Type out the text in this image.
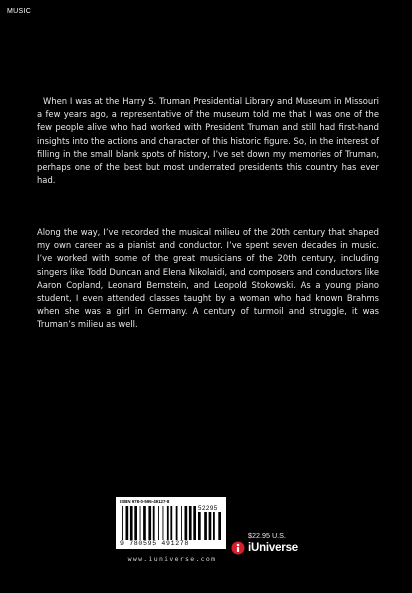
MUSIC

When I was at the Harry S. Truman Presidential Library and Museum in Missouri a few years ago, a representative of the museum told me that I was one of the few people alive who had worked with President Truman and still had first-hand insights into the actions and character of this historic figure. So, in the interest of filling in the small blank spots of history, I’ve set down my memories of Truman, perhaps one of the best but most underrated presidents this country has ever had.

Along the way, I’ve recorded the musical milieu of the 20th century that shaped my own career as a pianist and conductor. I’ve spent seven decades in music. I’ve worked with some of the great musicians of the 20th century, including singers like Todd Duncan and Elena Nikolaidi, and composers and conductors like Aaron Copland, Leonard Bernstein, and Leopold Stokowski. As a young piano student, I even attended classes taught by a woman who had known Brahms when she was a girl in Germany. A century of turmoil and struggle, it was Truman’s milieu as well.

ISBN 978-0-595-49127-8
52295
9 780595 491278
www.iuniverse.com
$22.95 U.S.
iUniverse
